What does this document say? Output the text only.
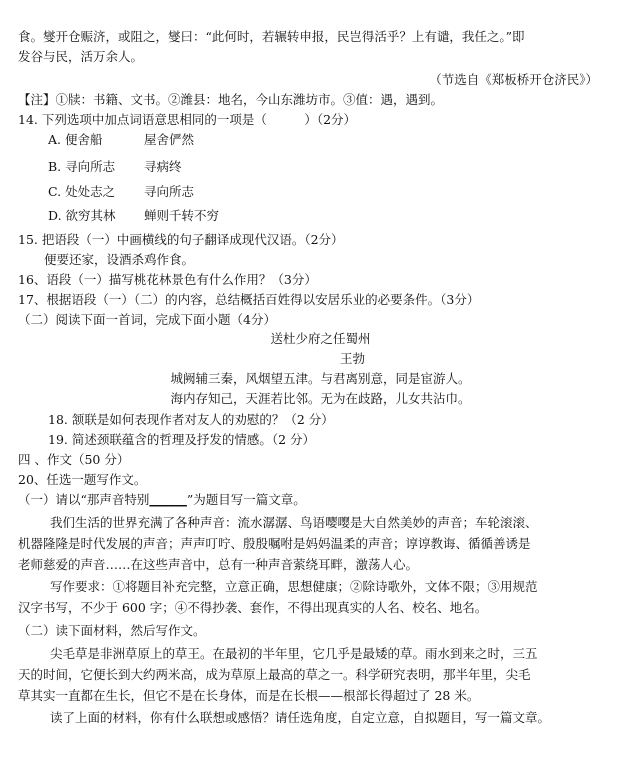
食。燮开仓赈济，或阻之，燮曰：“此何时，若辗转申报，民岂得活乎？上有谴，我任之。”即
发谷与民，活万余人。
（节选自《郑板桥开仓济民》）
【注】①牍：书籍、文书。②潍县：地名，今山东潍坊市。③值：遇，遇到。
14. 下列选项中加点词语意思相同的一项是（　　　）（2分）
A. 便舍船	屋舍俨然
B. 寻向所志 寻病终
C. 处处志之 寻向所志
D. 欲穷其林 蝉则千转不穷
15. 把语段（一）中画横线的句子翻译成现代汉语。（2分）
便要还家，设酒杀鸡作食。
16、语段（一）描写桃花林景色有什么作用？（3分）
17、根据语段（一）（二）的内容，总结概括百姓得以安居乐业的必要条件。（3分）
（二）阅读下面一首词，完成下面小题（4分）
送杜少府之任蜀州
王勃
城阙辅三秦，风烟望五津。与君离别意，同是宦游人。
海内存知己，天涯若比邻。无为在歧路，儿女共沾巾。
18. 颔联是如何表现作者对友人的劝慰的？（2 分）
19. 简述颈联蕴含的哲理及抒发的情感。（2 分）
四 、作文（50 分）
20、任选一题写作文。
（一）请以“那声音特别______”为题目写一篇文章。
我们生活的世界充满了各种声音：流水潺潺、鸟语嘤嘤是大自然美妙的声音；车轮滚滚、
机器隆隆是时代发展的声音；声声叮咛、殷殷嘱咐是妈妈温柔的声音；谆谆教诲、循循善诱是
老师慈爱的声音……在这些声音中，总有一种声音萦绕耳畔，激荡人心。
写作要求：①将题目补充完整，立意正确，思想健康；②除诗歌外，文体不限；③用规范
汉字书写，不少于 600 字；④不得抄袭、套作，不得出现真实的人名、校名、地名。
（二）读下面材料，然后写作文。
尖毛草是非洲草原上的草王。在最初的半年里，它几乎是最矮的草。雨水到来之时，三五
天的时间，它便长到大约两米高，成为草原上最高的草之一。科学研究表明，那半年里，尖毛
草其实一直都在生长，但它不是在长身体，而是在长根——根部长得超过了 28 米。
读了上面的材料，你有什么联想或感悟？请任选角度，自定立意，自拟题目，写一篇文章。
